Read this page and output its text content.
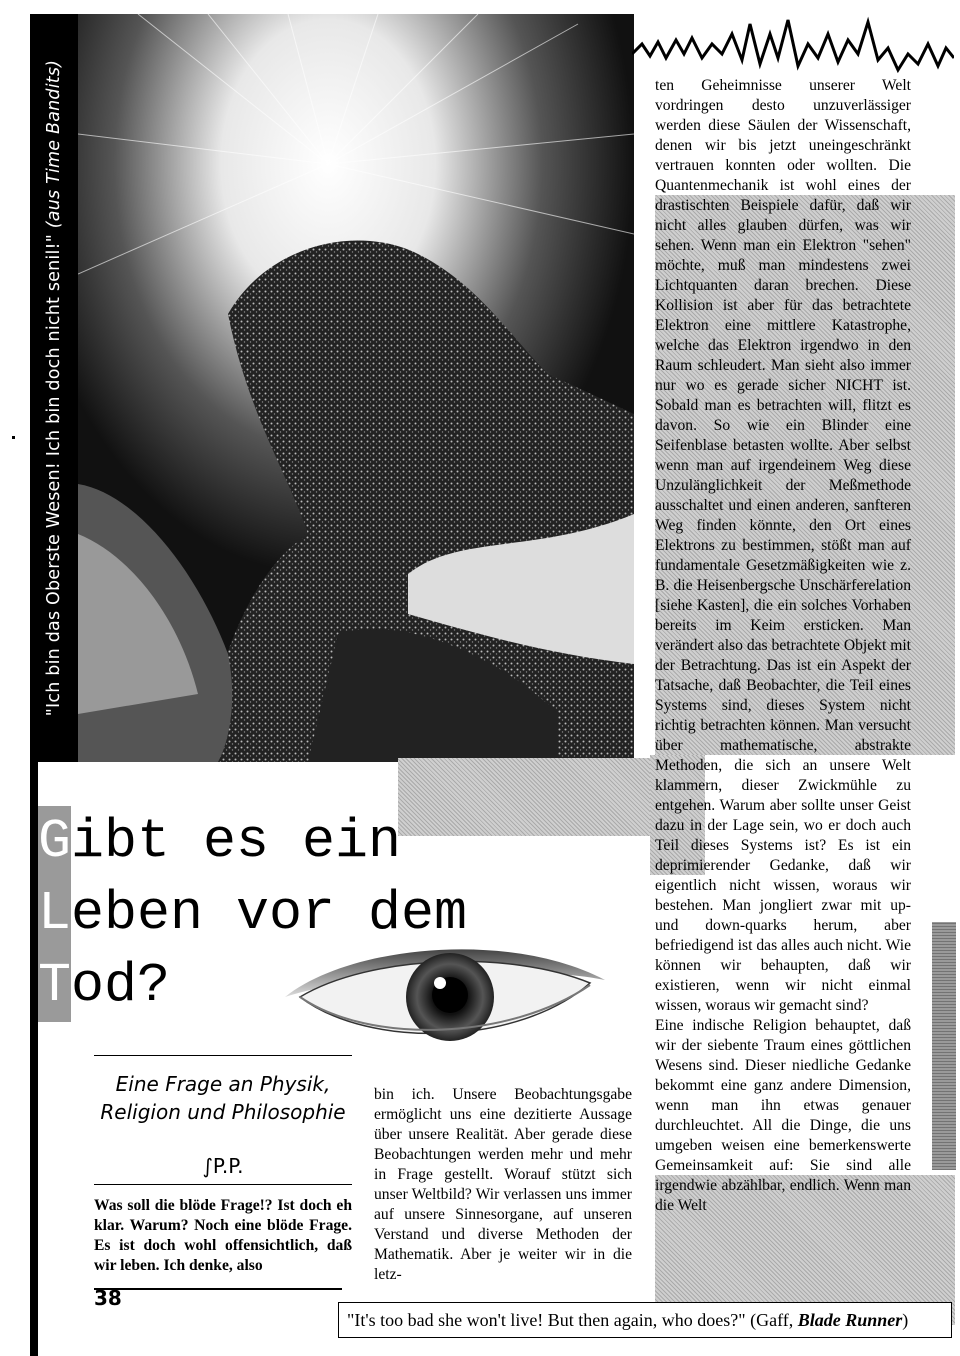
"Ich bin das Oberste Wesen! Ich bin doch nicht senil!" (aus Time Bandits)	ten Geheimnisse unserer Welt vordringen desto unzuverlässiger werden diese Säulen der Wissenschaft, denen wir bis jetzt uneingeschränkt vertrauen konnten oder wollten. Die Quantenmechanik ist wohl eines der drastischten Beispiele dafür, daß wir nicht alles glauben dürfen, was wir sehen. Wenn man ein Elektron "sehen" möchte, muß man mindestens zwei Lichtquanten daran brechen. Diese Kollision ist aber für das betrachtete Elektron eine mittlere Katastrophe, welche das Elektron irgendwo in den Raum schleudert. Man sieht also immer nur wo es gerade sicher NICHT ist. Sobald man es betrachten will, flitzt es davon. So wie ein Blinder eine Seifenblase betasten wollte. Aber selbst wenn man auf irgendeinem Weg diese Unzulänglichkeit der Meßmethode ausschaltet und einen anderen, sanfteren Weg finden könnte, den Ort eines Elektrons zu bestimmen, stößt man auf fundamentale Gesetzmäßigkeiten wie z. B. die Heisenbergsche Unschärferelation [siehe Kasten], die ein solches Vorhaben bereits im Keim ersticken. Man verändert also das betrachtete Objekt mit der Betrachtung. Das ist ein Aspekt der Tatsache, daß Beobachter, die Teil eines Systems sind, dieses System nicht richtig betrachten können. Man versucht über mathematische, abstrakte Methoden, die sich an unsere Welt klammern, dieser Zwickmühle zu entgehen. Warum aber sollte unser Geist dazu in der Lage sein, wo er doch auch Teil dieses Systems ist? Es ist ein deprimierender Gedanke, daß wir eigentlich nicht wissen, woraus wir bestehen. Man jongliert zwar mit up- und down-quarks herum, aber befriedigend ist das alles auch nicht. Wie können wir behaupten, daß wir existieren, wenn wir nicht einmal wissen, woraus wir gemacht sind?

Eine indische Religion behauptet, daß wir der siebente Traum eines göttlichen Wesens sind. Dieser niedliche Gedanke bekommt eine ganz andere Dimension, wenn man ihn etwas genauer durchleuchtet. All die Dinge, die uns umgeben weisen eine bemerkenswerte Gemeinsamkeit auf: Sie sind alle irgendwie abzählbar, endlich. Wenn man die Welt

Gibt es ein
Leben vor dem
Tod?
Eine Frage an Physik, Religion und Philosophie
∫P.P.
Was soll die blöde Frage!? Ist doch eh klar. Warum? Noch eine blöde Frage. Es ist doch wohl offensichtlich, daß wir leben. Ich denke, also
bin ich. Unsere Beobachtungsgabe ermöglicht uns eine dezitierte Aussage über unsere Realität. Aber gerade diese Beobachtungen werden mehr und mehr in Frage gestellt. Worauf stützt sich unser Weltbild? Wir verlassen uns immer auf unsere Sinnesorgane, auf unseren Verstand und diverse Methoden der Mathematik. Aber je weiter wir in die letz-
38
"It's too bad she won't live! But then again, who does?" (Gaff, Blade Runner)
